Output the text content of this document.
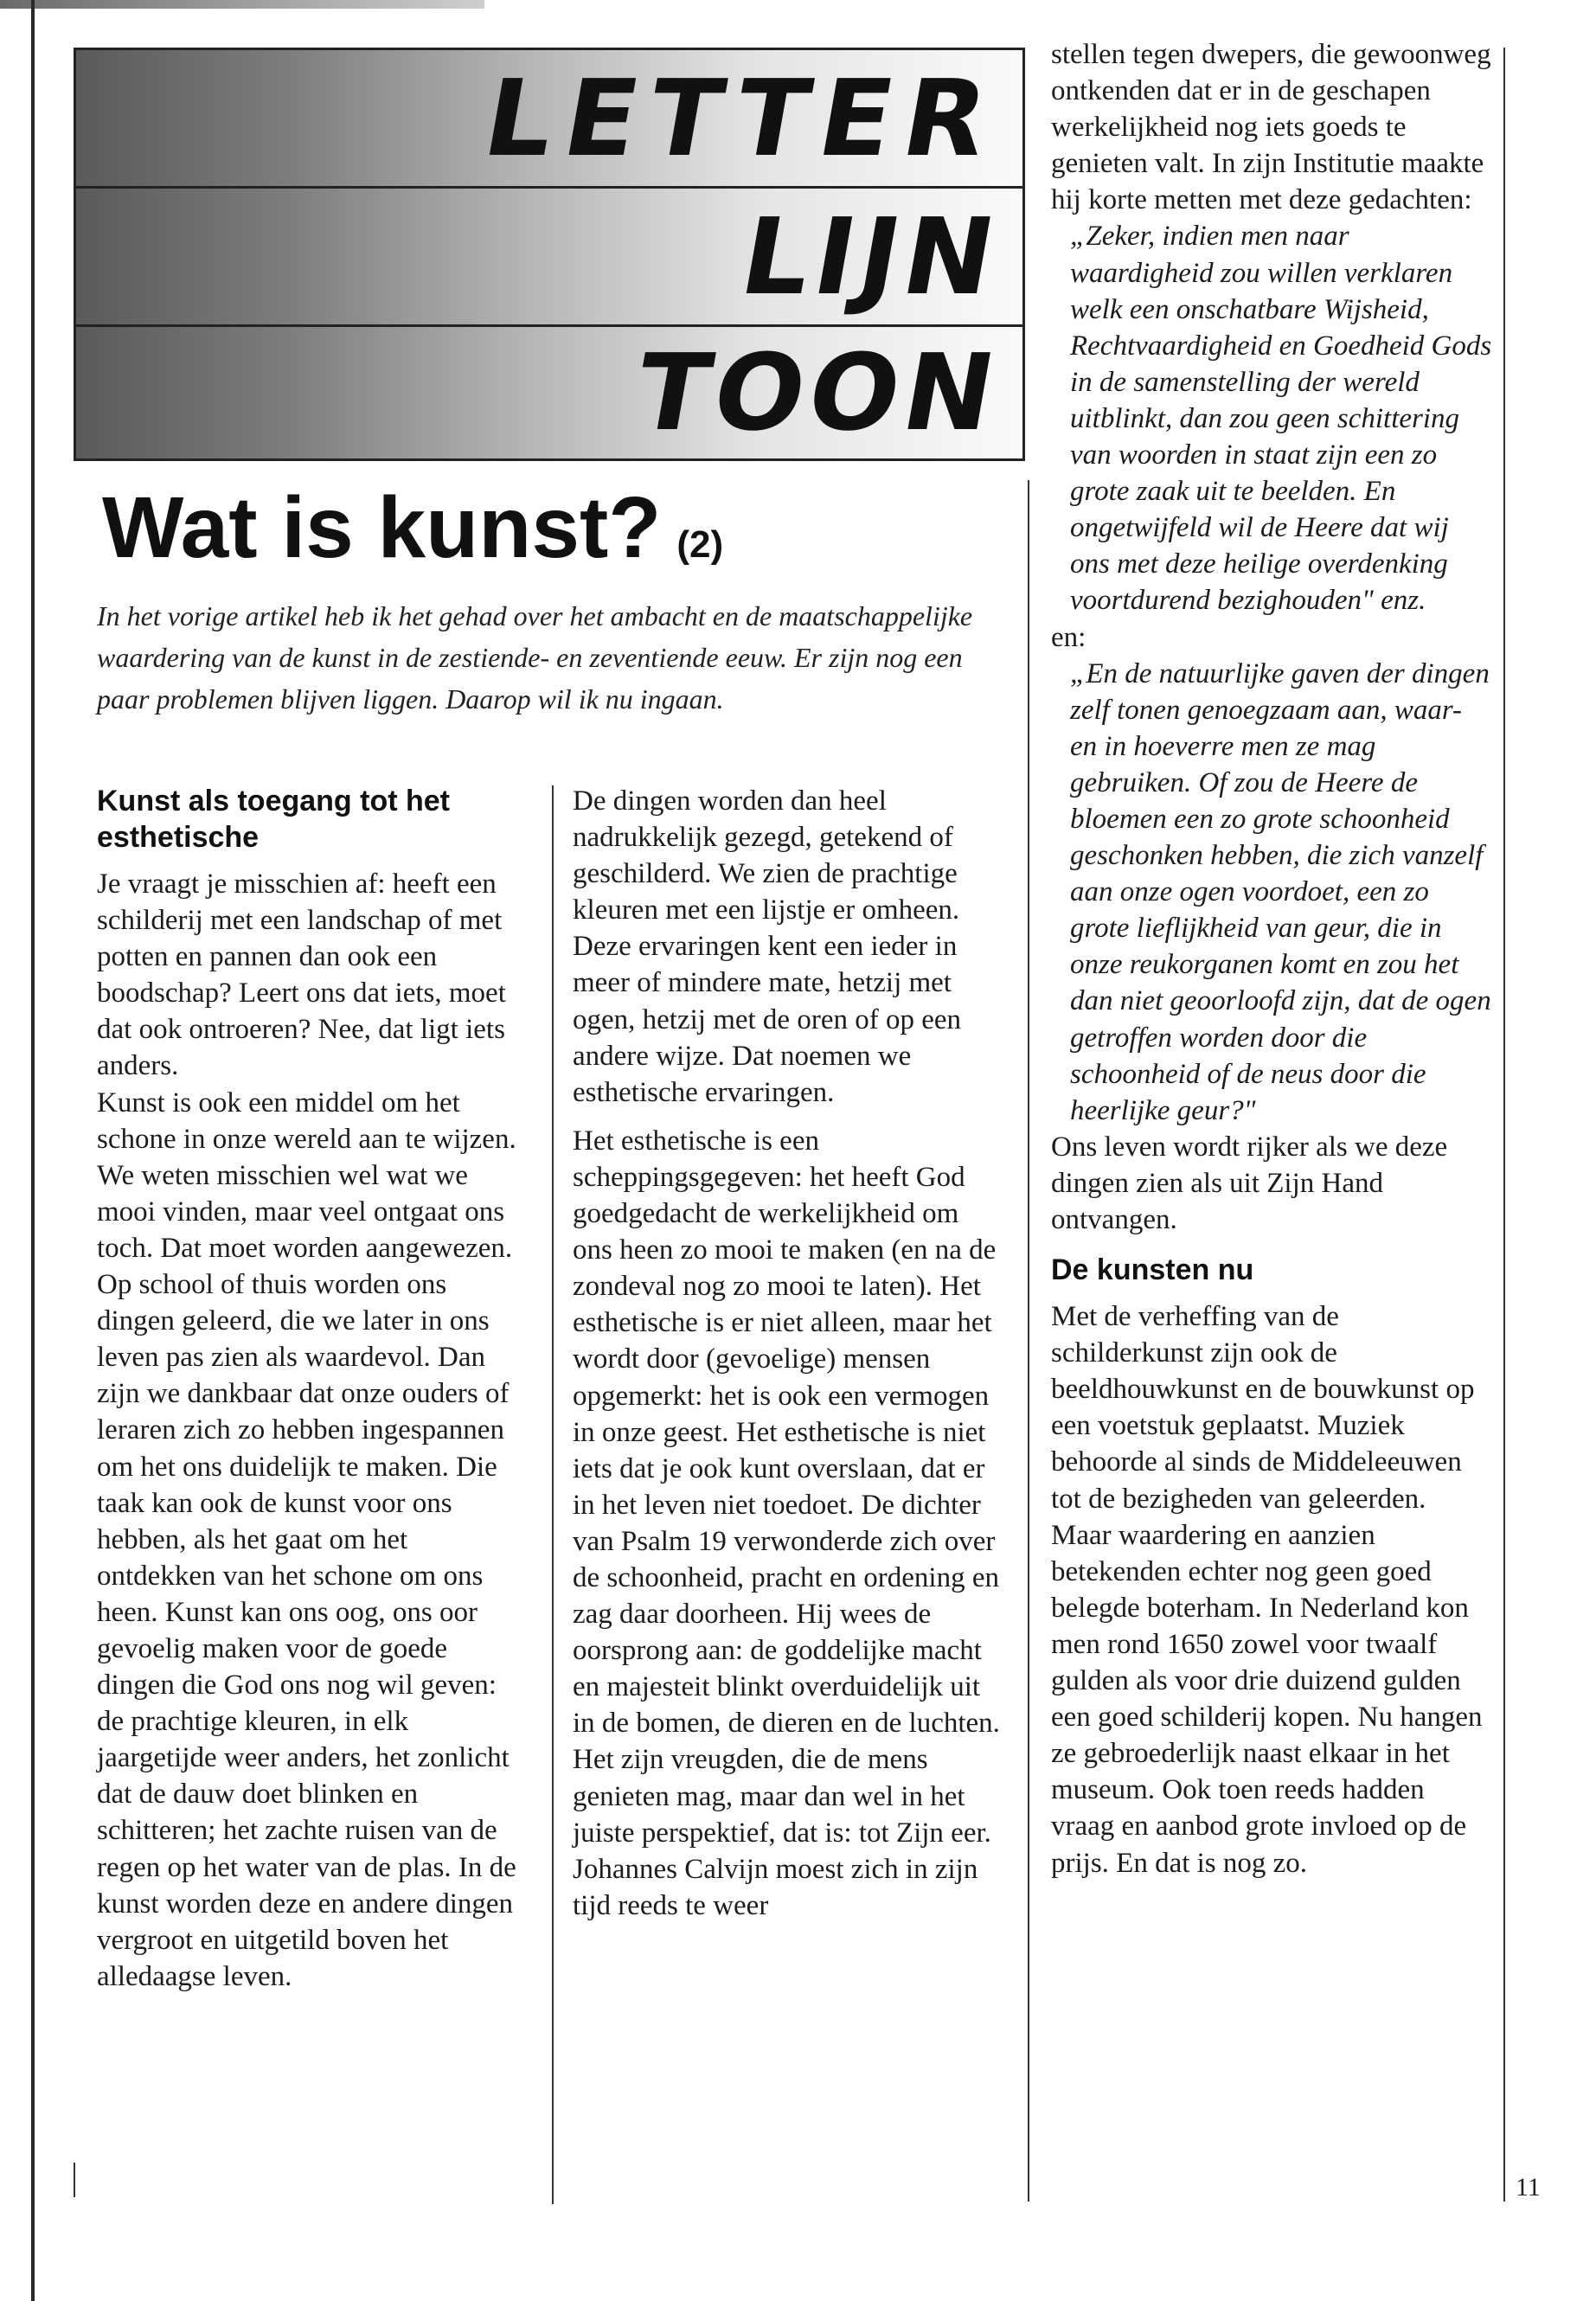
LETTER
LIJN
TOON
Wat is kunst? (2)
In het vorige artikel heb ik het gehad over het ambacht en de maatschappelijke waardering van de kunst in de zestiende- en zeventiende eeuw. Er zijn nog een paar problemen blijven liggen. Daarop wil ik nu ingaan.
Kunst als toegang tot het esthetische

Je vraagt je misschien af: heeft een schilderij met een landschap of met potten en pannen dan ook een boodschap? Leert ons dat iets, moet dat ook ontroeren? Nee, dat ligt iets anders.

Kunst is ook een middel om het schone in onze wereld aan te wijzen. We weten misschien wel wat we mooi vinden, maar veel ontgaat ons toch. Dat moet worden aangewezen. Op school of thuis worden ons dingen geleerd, die we later in ons leven pas zien als waardevol. Dan zijn we dankbaar dat onze ouders of leraren zich zo hebben ingespannen om het ons duidelijk te maken. Die taak kan ook de kunst voor ons hebben, als het gaat om het ontdekken van het schone om ons heen. Kunst kan ons oog, ons oor gevoelig maken voor de goede dingen die God ons nog wil geven: de prachtige kleuren, in elk jaargetijde weer anders, het zonlicht dat de dauw doet blinken en schitteren; het zachte ruisen van de regen op het water van de plas. In de kunst worden deze en andere dingen vergroot en uitgetild boven het alledaagse leven.

De dingen worden dan heel nadrukkelijk gezegd, getekend of geschilderd. We zien de prachtige kleuren met een lijstje er omheen. Deze ervaringen kent een ieder in meer of mindere mate, hetzij met ogen, hetzij met de oren of op een andere wijze. Dat noemen we esthetische ervaringen.

Het esthetische is een scheppingsgegeven: het heeft God goedgedacht de werkelijkheid om ons heen zo mooi te maken (en na de zondeval nog zo mooi te laten). Het esthetische is er niet alleen, maar het wordt door (gevoelige) mensen opgemerkt: het is ook een vermogen in onze geest. Het esthetische is niet iets dat je ook kunt overslaan, dat er in het leven niet toedoet. De dichter van Psalm 19 verwonderde zich over de schoonheid, pracht en ordening en zag daar doorheen. Hij wees de oorsprong aan: de goddelijke macht en majesteit blinkt overduidelijk uit in de bomen, de dieren en de luchten. Het zijn vreugden, die de mens genieten mag, maar dan wel in het juiste perspektief, dat is: tot Zijn eer. Johannes Calvijn moest zich in zijn tijd reeds te weer

stellen tegen dwepers, die gewoonweg ontkenden dat er in de geschapen werkelijkheid nog iets goeds te genieten valt. In zijn Institutie maakte hij korte metten met deze gedachten:

„Zeker, indien men naar waardigheid zou willen verklaren welk een onschatbare Wijsheid, Rechtvaardigheid en Goedheid Gods in de samenstelling der wereld uitblinkt, dan zou geen schittering van woorden in staat zijn een zo grote zaak uit te beelden. En ongetwijfeld wil de Heere dat wij ons met deze heilige overdenking voortdurend bezighouden" enz.

en:

„En de natuurlijke gaven der dingen zelf tonen genoegzaam aan, waar- en in hoeverre men ze mag gebruiken. Of zou de Heere de bloemen een zo grote schoonheid geschonken hebben, die zich vanzelf aan onze ogen voordoet, een zo grote lieflijkheid van geur, die in onze reukorganen komt en zou het dan niet geoorloofd zijn, dat de ogen getroffen worden door die schoonheid of de neus door die heerlijke geur?"

Ons leven wordt rijker als we deze dingen zien als uit Zijn Hand ontvangen.

De kunsten nu

Met de verheffing van de schilderkunst zijn ook de beeldhouwkunst en de bouwkunst op een voetstuk geplaatst. Muziek behoorde al sinds de Middeleeuwen tot de bezigheden van geleerden. Maar waardering en aanzien betekenden echter nog geen goed belegde boterham. In Nederland kon men rond 1650 zowel voor twaalf gulden als voor drie duizend gulden een goed schilderij kopen. Nu hangen ze gebroederlijk naast elkaar in het museum. Ook toen reeds hadden vraag en aanbod grote invloed op de prijs. En dat is nog zo.

11
